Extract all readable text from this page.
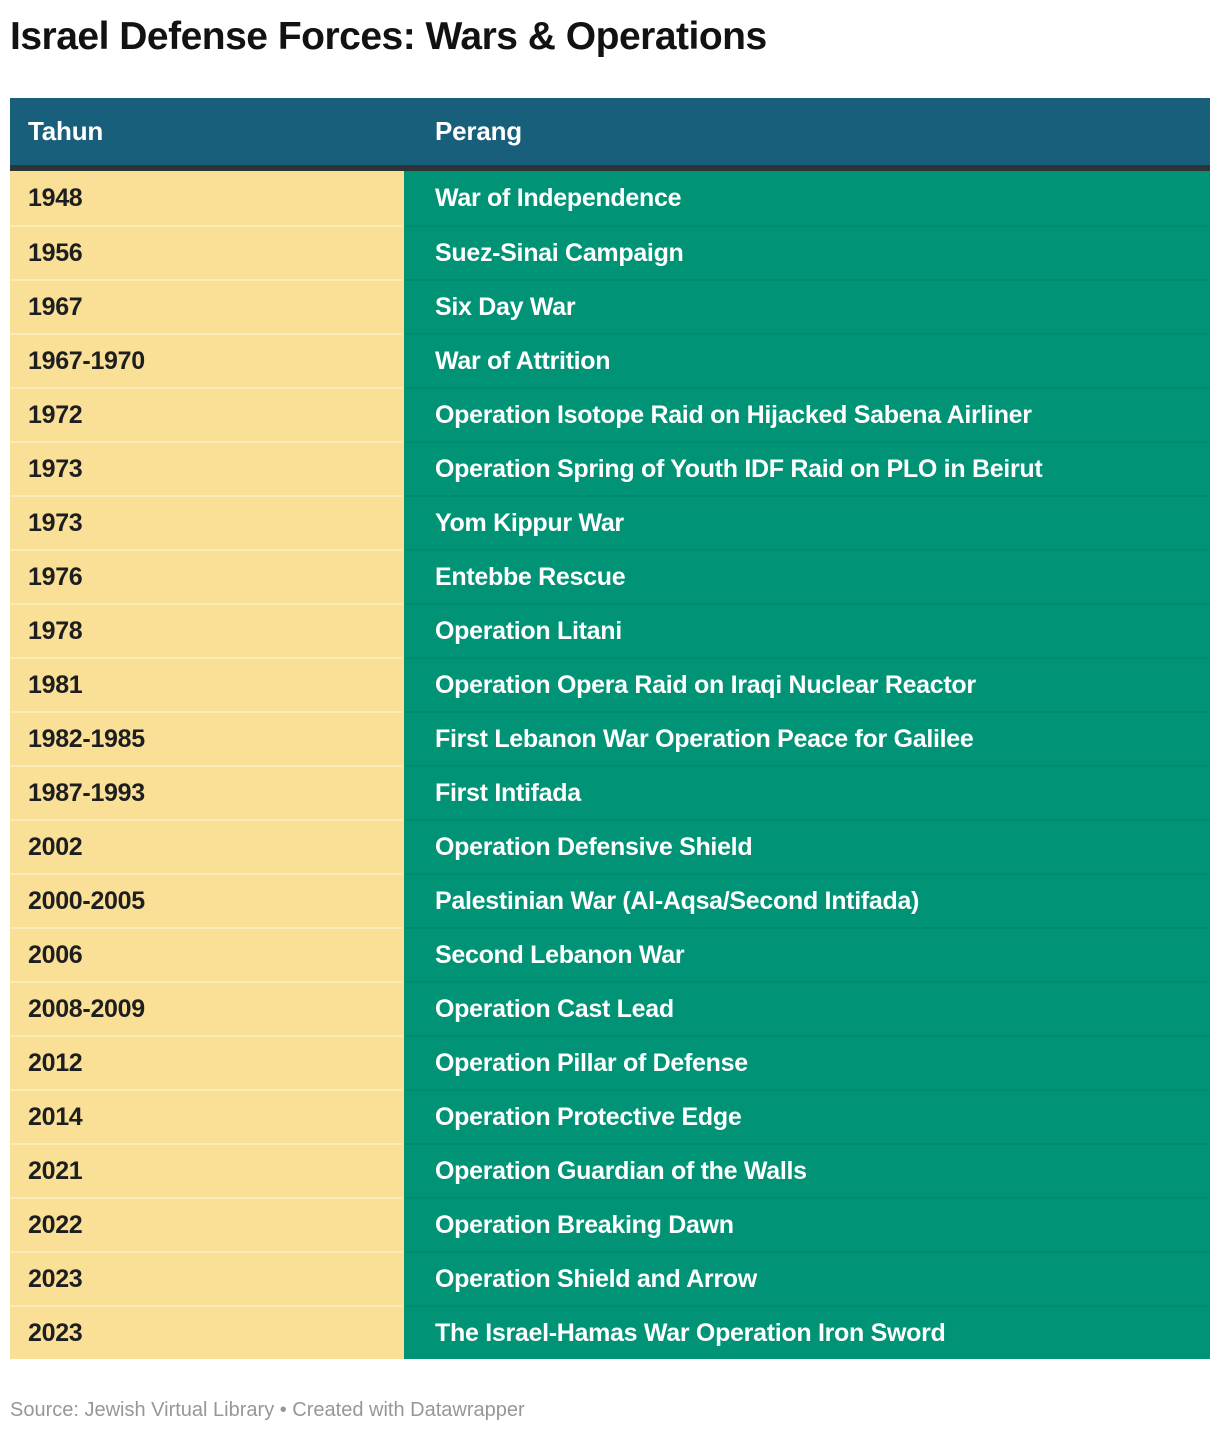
Israel Defense Forces: Wars & Operations
Tahun	Perang
1948	War of Independence
1956	Suez-Sinai Campaign
1967	Six Day War
1967-1970	War of Attrition
1972	Operation Isotope Raid on Hijacked Sabena Airliner
1973	Operation Spring of Youth IDF Raid on PLO in Beirut
1973	Yom Kippur War
1976	Entebbe Rescue
1978	Operation Litani
1981	Operation Opera Raid on Iraqi Nuclear Reactor
1982-1985	First Lebanon War Operation Peace for Galilee
1987-1993	First Intifada
2002	Operation Defensive Shield
2000-2005	Palestinian War (Al-Aqsa/Second Intifada)
2006	Second Lebanon War
2008-2009	Operation Cast Lead
2012	Operation Pillar of Defense
2014	Operation Protective Edge
2021	Operation Guardian of the Walls
2022	Operation Breaking Dawn
2023	Operation Shield and Arrow
2023	The Israel-Hamas War Operation Iron Sword
Source: Jewish Virtual Library • Created with Datawrapper
